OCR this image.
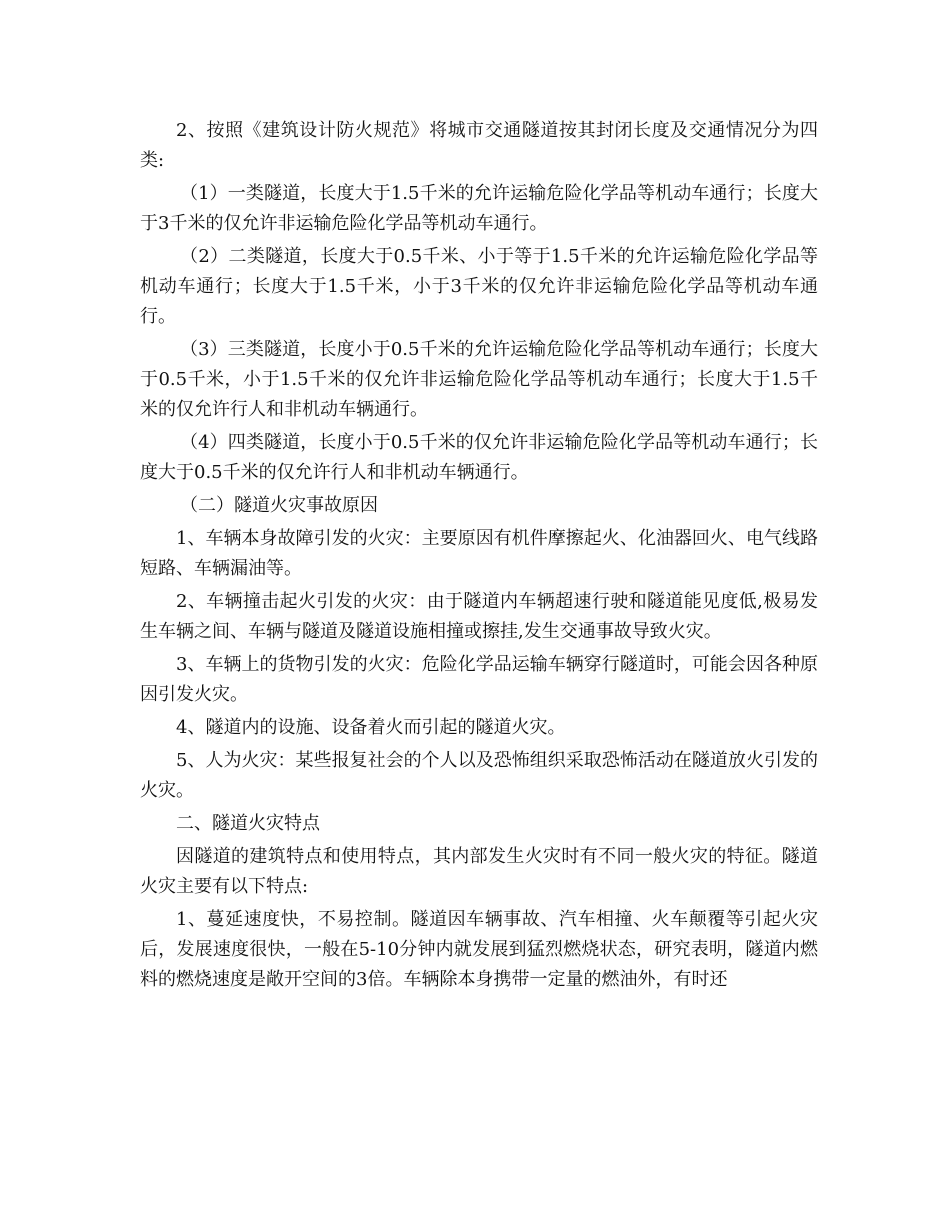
2、按照《建筑设计防火规范》将城市交通隧道按其封闭长度及交通情况分为四类:

（1）一类隧道，长度大于1.5千米的允许运输危险化学品等机动车通行；长度大于3千米的仅允许非运输危险化学品等机动车通行。

（2）二类隧道，长度大于0.5千米、小于等于1.5千米的允许运输危险化学品等机动车通行；长度大于1.5千米，小于3千米的仅允许非运输危险化学品等机动车通行。

（3）三类隧道，长度小于0.5千米的允许运输危险化学品等机动车通行；长度大于0.5千米，小于1.5千米的仅允许非运输危险化学品等机动车通行；长度大于1.5千米的仅允许行人和非机动车辆通行。

（4）四类隧道，长度小于0.5千米的仅允许非运输危险化学品等机动车通行；长度大于0.5千米的仅允许行人和非机动车辆通行。

（二）隧道火灾事故原因

1、车辆本身故障引发的火灾：主要原因有机件摩擦起火、化油器回火、电气线路短路、车辆漏油等。

2、车辆撞击起火引发的火灾：由于隧道内车辆超速行驶和隧道能见度低,极易发生车辆之间、车辆与隧道及隧道设施相撞或擦挂,发生交通事故导致火灾。

3、车辆上的货物引发的火灾：危险化学品运输车辆穿行隧道时，可能会因各种原因引发火灾。

4、隧道内的设施、设备着火而引起的隧道火灾。

5、人为火灾：某些报复社会的个人以及恐怖组织采取恐怖活动在隧道放火引发的火灾。

二、隧道火灾特点

因隧道的建筑特点和使用特点，其内部发生火灾时有不同一般火灾的特征。隧道火灾主要有以下特点:

1、蔓延速度快，不易控制。隧道因车辆事故、汽车相撞、火车颠覆等引起火灾后，发展速度很快，一般在5-10分钟内就发展到猛烈燃烧状态，研究表明，隧道内燃料的燃烧速度是敞开空间的3倍。车辆除本身携带一定量的燃油外，有时还
